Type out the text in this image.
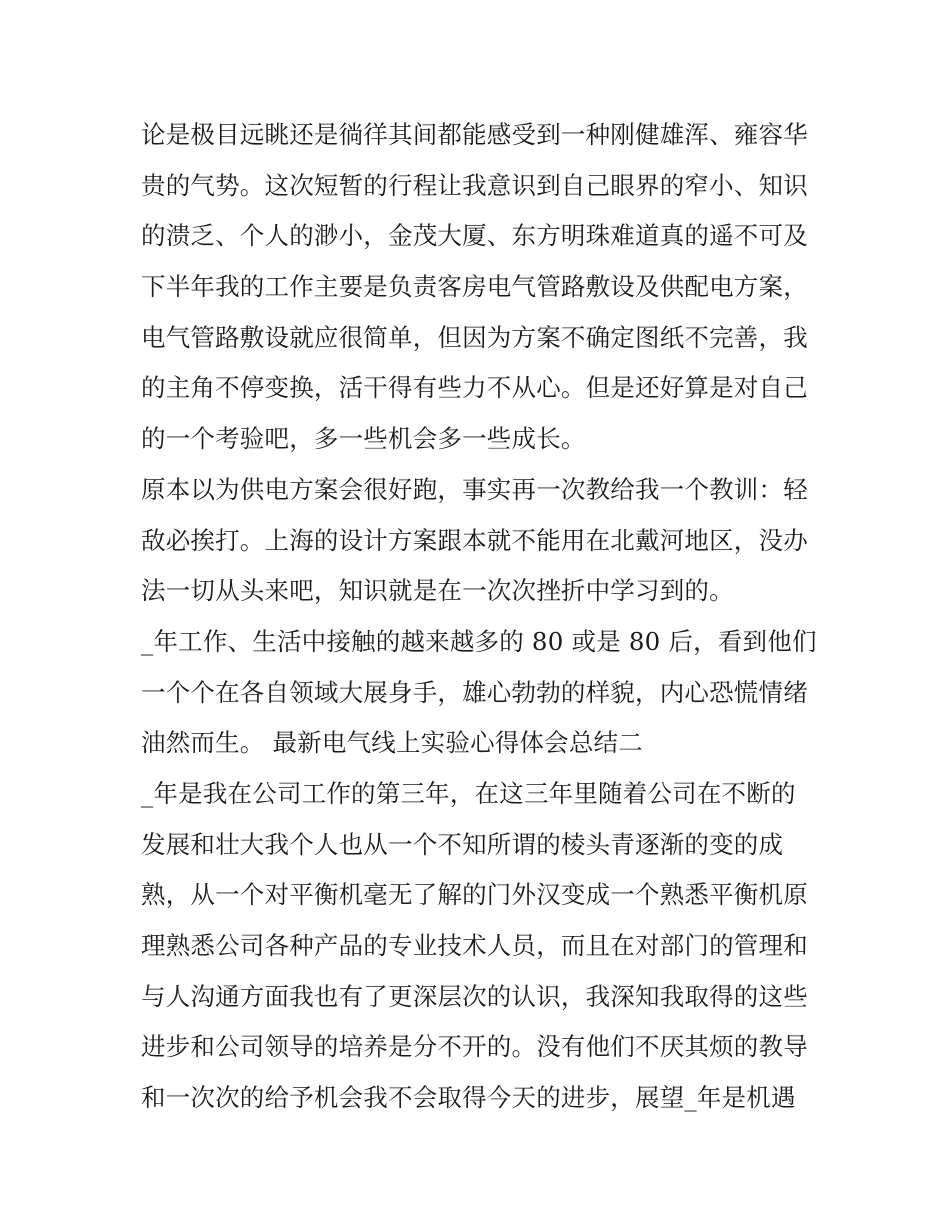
论是极目远眺还是徜徉其间都能感受到一种刚健雄浑、雍容华
贵的气势。这次短暂的行程让我意识到自己眼界的窄小、知识
的溃乏、个人的渺小，金茂大厦、东方明珠难道真的遥不可及
下半年我的工作主要是负责客房电气管路敷设及供配电方案，
电气管路敷设就应很简单，但因为方案不确定图纸不完善，我
的主角不停变换，活干得有些力不从心。但是还好算是对自己
的一个考验吧，多一些机会多一些成长。
原本以为供电方案会很好跑，事实再一次教给我一个教训：轻
敌必挨打。上海的设计方案跟本就不能用在北戴河地区，没办
法一切从头来吧，知识就是在一次次挫折中学习到的。
_年工作、生活中接触的越来越多的 80 或是 80 后，看到他们
一个个在各自领域大展身手，雄心勃勃的样貌，内心恐慌情绪
油然而生。 最新电气线上实验心得体会总结二
_年是我在公司工作的第三年，在这三年里随着公司在不断的
发展和壮大我个人也从一个不知所谓的棱头青逐渐的变的成
熟，从一个对平衡机毫无了解的门外汉变成一个熟悉平衡机原
理熟悉公司各种产品的专业技术人员，而且在对部门的管理和
与人沟通方面我也有了更深层次的认识，我深知我取得的这些
进步和公司领导的培养是分不开的。没有他们不厌其烦的教导
和一次次的给予机会我不会取得今天的进步，展望_年是机遇
